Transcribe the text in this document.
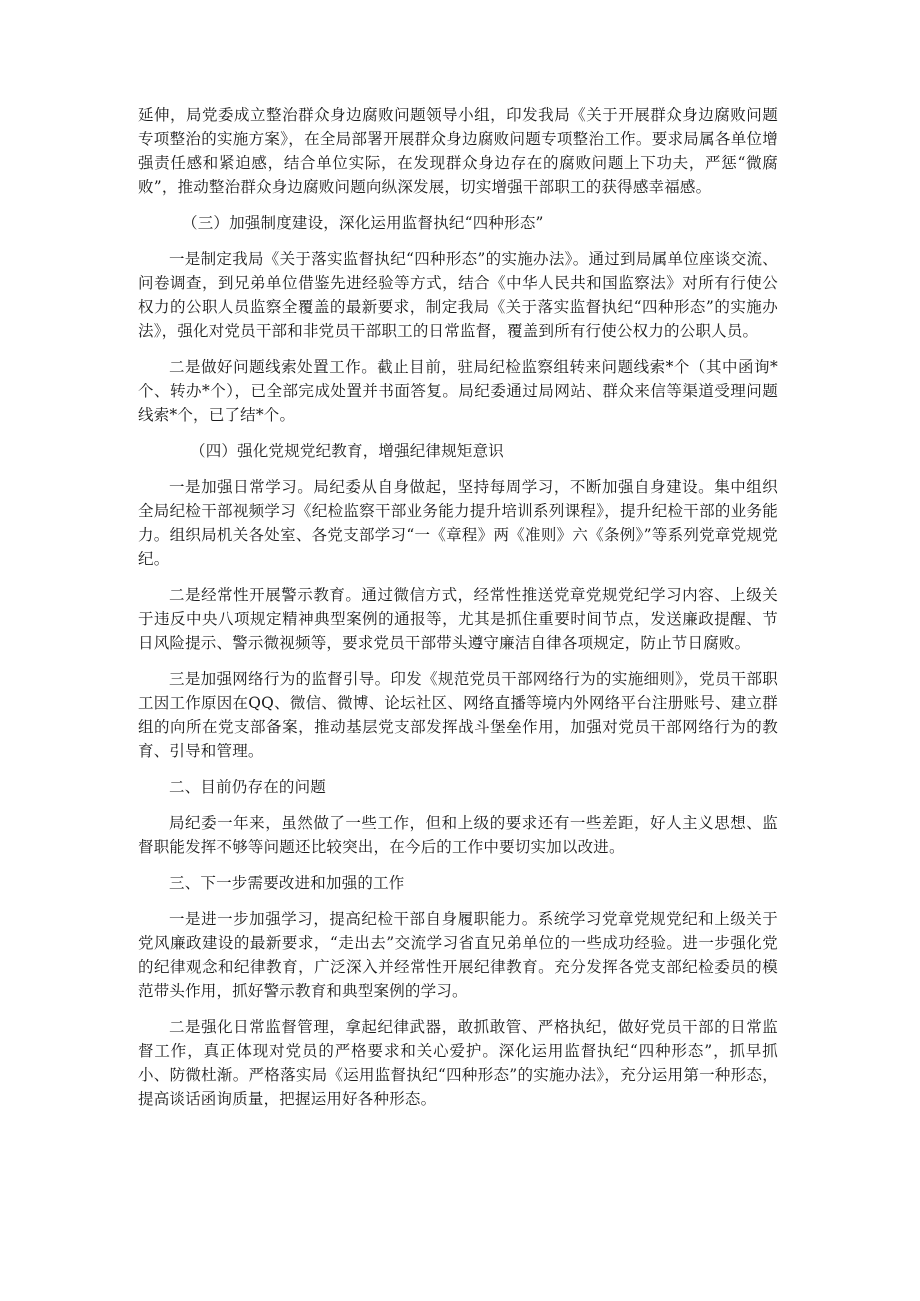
延伸，局党委成立整治群众身边腐败问题领导小组，印发我局《关于开展群众身边腐败问题专项整治的实施方案》，在全局部署开展群众身边腐败问题专项整治工作。要求局属各单位增强责任感和紧迫感，结合单位实际，在发现群众身边存在的腐败问题上下功夫，严惩“微腐败”，推动整治群众身边腐败问题向纵深发展，切实增强干部职工的获得感幸福感。

（三）加强制度建设，深化运用监督执纪“四种形态”

一是制定我局《关于落实监督执纪“四种形态”的实施办法》。通过到局属单位座谈交流、问卷调查，到兄弟单位借鉴先进经验等方式，结合《中华人民共和国监察法》对所有行使公权力的公职人员监察全覆盖的最新要求，制定我局《关于落实监督执纪“四种形态”的实施办法》，强化对党员干部和非党员干部职工的日常监督，覆盖到所有行使公权力的公职人员。

二是做好问题线索处置工作。截止目前，驻局纪检监察组转来问题线索*个（其中函询*个、转办*个），已全部完成处置并书面答复。局纪委通过局网站、群众来信等渠道受理问题线索*个，已了结*个。

（四）强化党规党纪教育，增强纪律规矩意识

一是加强日常学习。局纪委从自身做起，坚持每周学习，不断加强自身建设。集中组织全局纪检干部视频学习《纪检监察干部业务能力提升培训系列课程》，提升纪检干部的业务能力。组织局机关各处室、各党支部学习“一《章程》两《准则》六《条例》”等系列党章党规党纪。

二是经常性开展警示教育。通过微信方式，经常性推送党章党规党纪学习内容、上级关于违反中央八项规定精神典型案例的通报等，尤其是抓住重要时间节点，发送廉政提醒、节日风险提示、警示微视频等，要求党员干部带头遵守廉洁自律各项规定，防止节日腐败。

三是加强网络行为的监督引导。印发《规范党员干部网络行为的实施细则》，党员干部职工因工作原因在QQ、微信、微博、论坛社区、网络直播等境内外网络平台注册账号、建立群组的向所在党支部备案，推动基层党支部发挥战斗堡垒作用，加强对党员干部网络行为的教育、引导和管理。

二、目前仍存在的问题

局纪委一年来，虽然做了一些工作，但和上级的要求还有一些差距，好人主义思想、监督职能发挥不够等问题还比较突出，在今后的工作中要切实加以改进。

三、下一步需要改进和加强的工作

一是进一步加强学习，提高纪检干部自身履职能力。系统学习党章党规党纪和上级关于党风廉政建设的最新要求，“走出去”交流学习省直兄弟单位的一些成功经验。进一步强化党的纪律观念和纪律教育，广泛深入并经常性开展纪律教育。充分发挥各党支部纪检委员的模范带头作用，抓好警示教育和典型案例的学习。

二是强化日常监督管理，拿起纪律武器，敢抓敢管、严格执纪，做好党员干部的日常监督工作，真正体现对党员的严格要求和关心爱护。深化运用监督执纪“四种形态”，抓早抓小、防微杜渐。严格落实局《运用监督执纪“四种形态”的实施办法》，充分运用第一种形态，提高谈话函询质量，把握运用好各种形态。
